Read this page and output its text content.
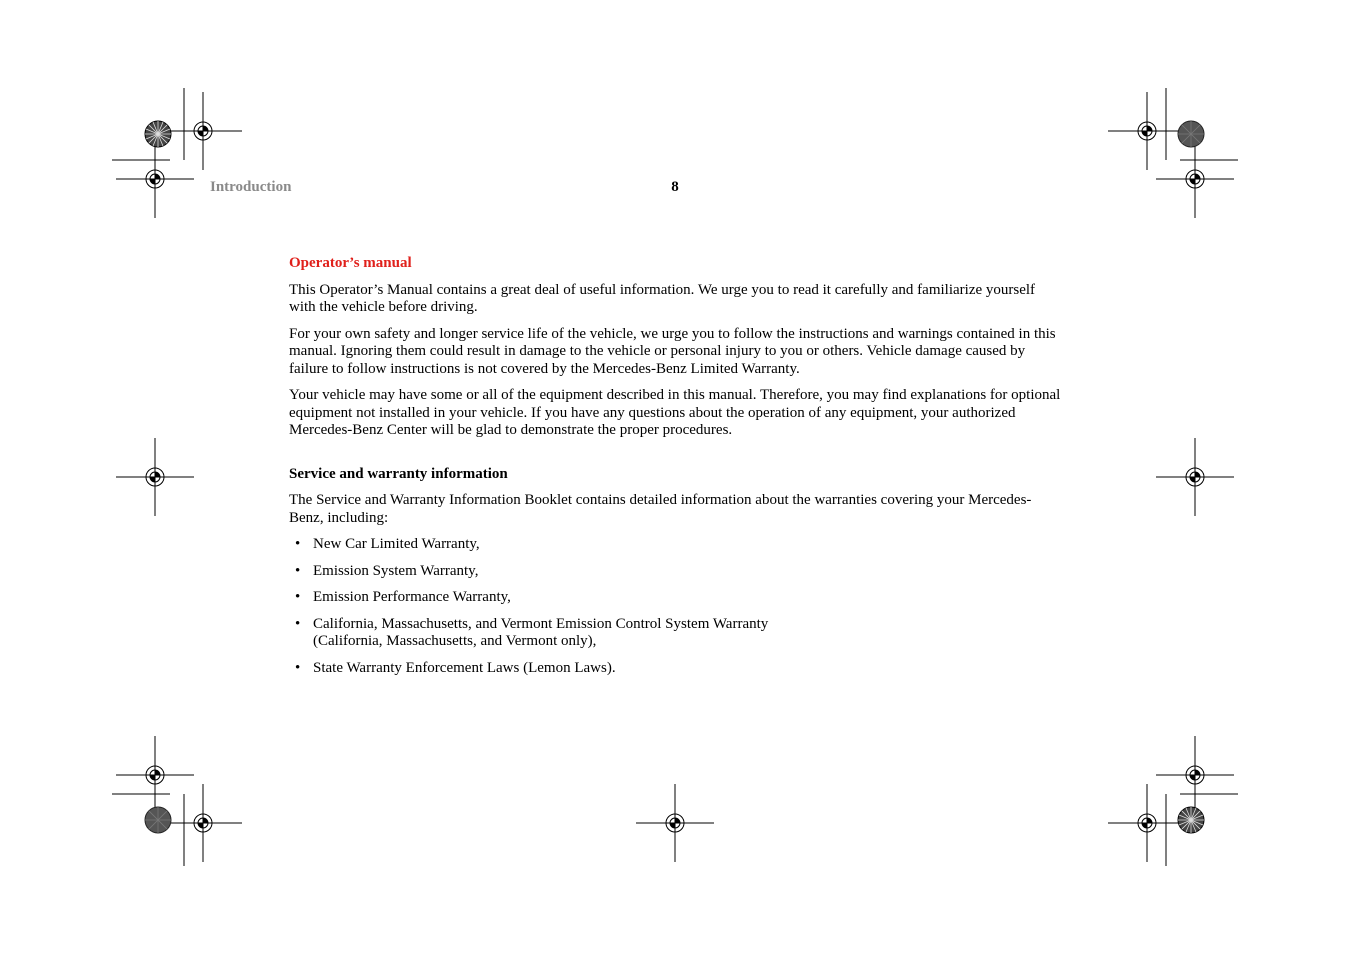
Introduction	8
Operator’s manual

This Operator’s Manual contains a great deal of useful information. We urge you to read it carefully and familiarize yourself with the vehicle before driving.

For your own safety and longer service life of the vehicle, we urge you to follow the instructions and warnings contained in this manual. Ignoring them could result in damage to the vehicle or personal injury to you or others. Vehicle damage caused by failure to follow instructions is not covered by the Mercedes-Benz Limited Warranty.

Your vehicle may have some or all of the equipment described in this manual. Therefore, you may find explanations for optional equipment not installed in your vehicle. If you have any questions about the operation of any equipment, your authorized Mercedes-Benz Center will be glad to demonstrate the proper procedures.

Service and warranty information

The Service and Warranty Information Booklet contains detailed information about the warranties covering your Mercedes-Benz, including:

• New Car Limited Warranty,
• Emission System Warranty,
• Emission Performance Warranty,
• California, Massachusetts, and Vermont Emission Control System Warranty
(California, Massachusetts, and Vermont only),
• State Warranty Enforcement Laws (Lemon Laws).
